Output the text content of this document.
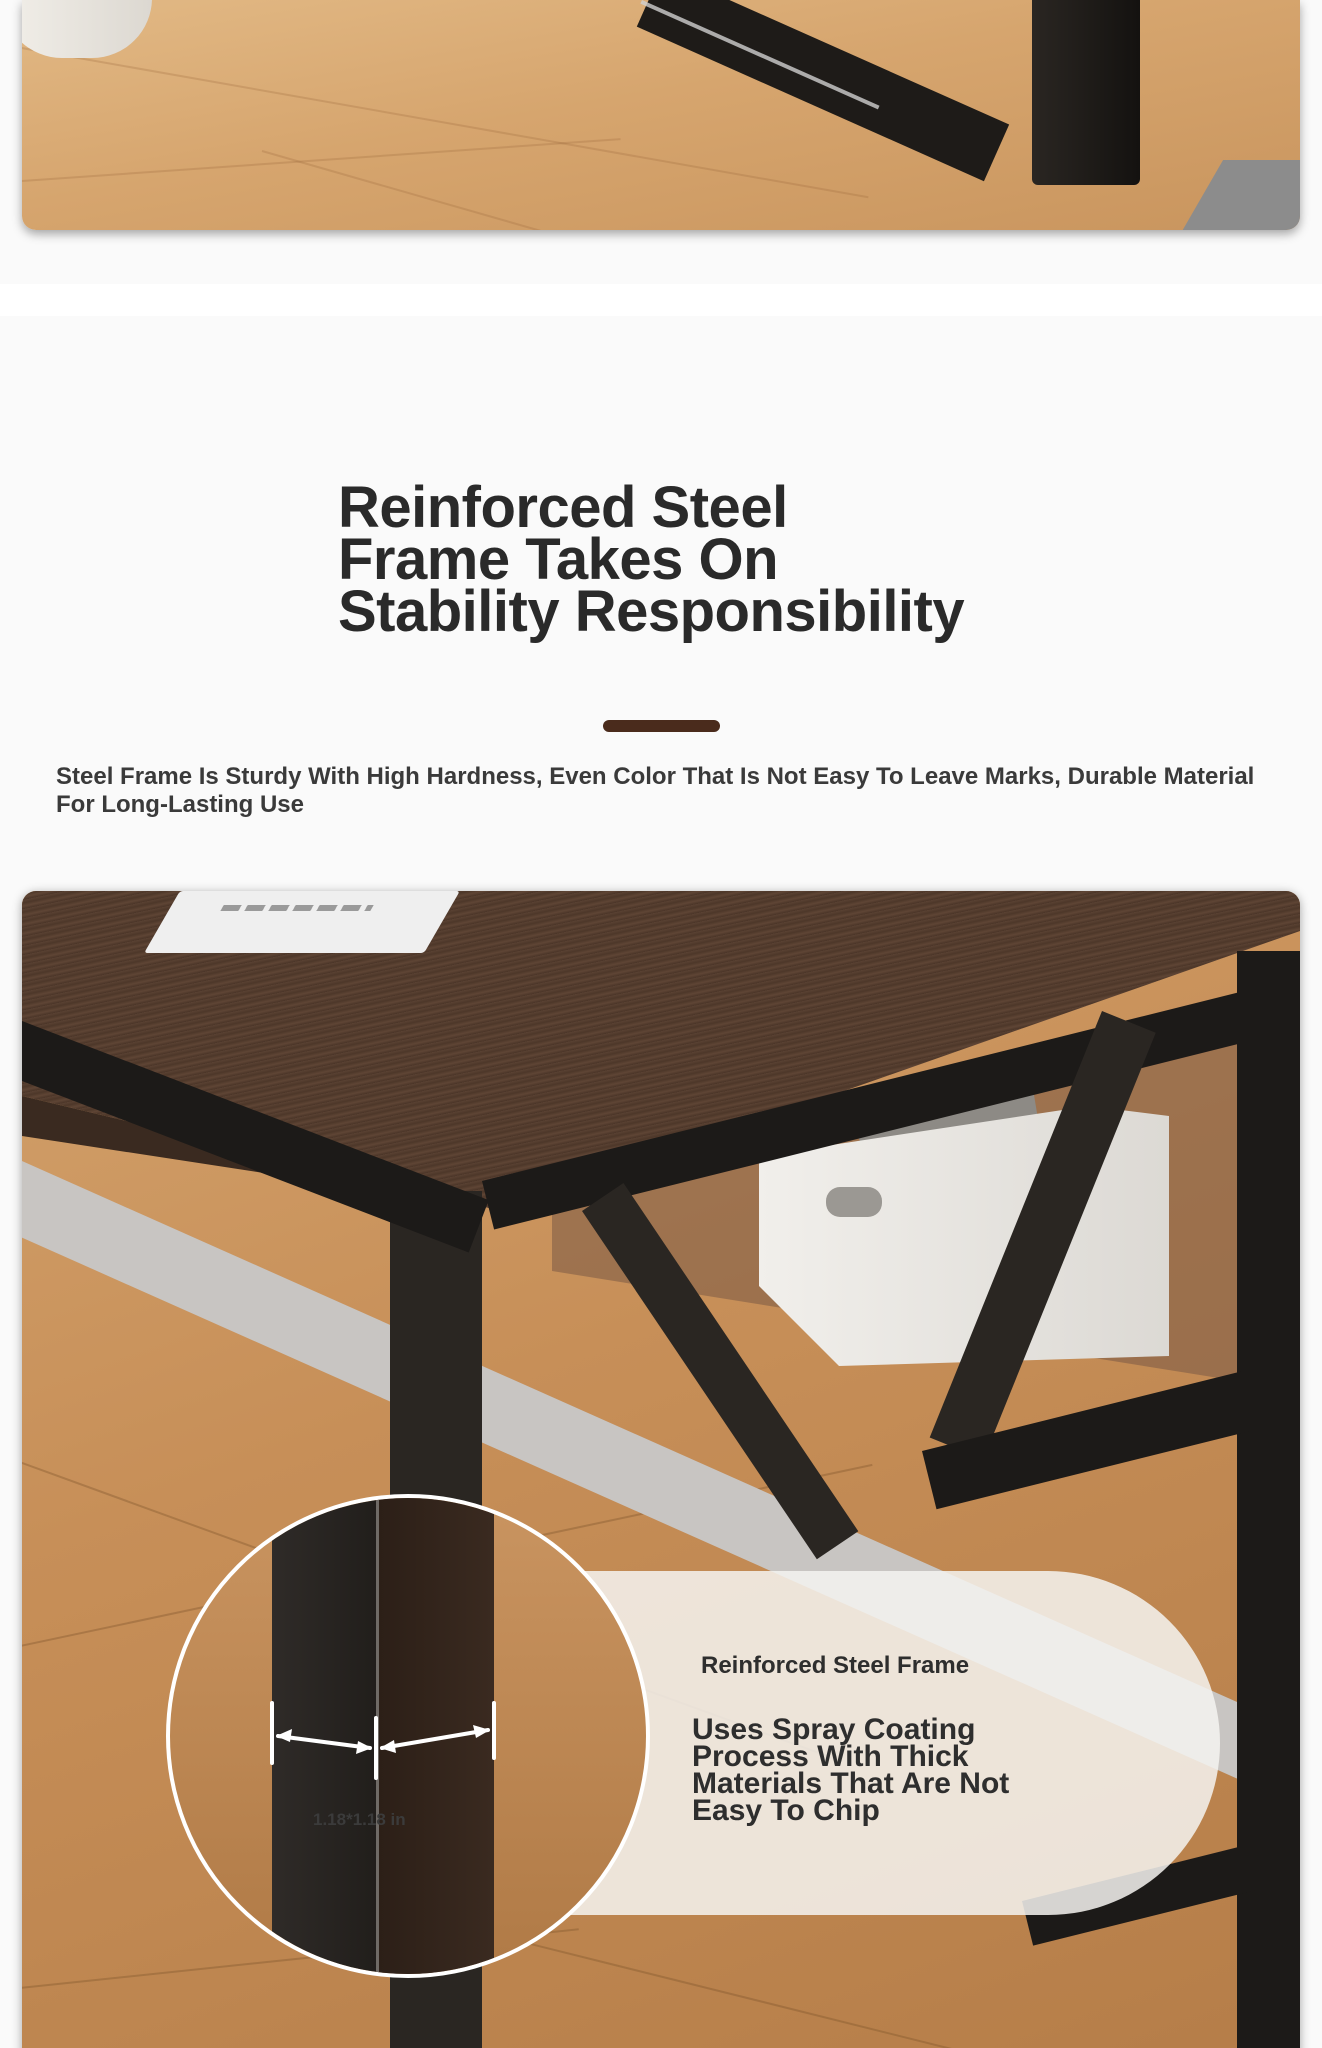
Reinforced Steel
Frame Takes On
Stability Responsibility

Steel Frame Is Sturdy With High Hardness, Even Color That Is Not Easy To Leave Marks, Durable Material For Long-Lasting Use

Reinforced Steel Frame
Uses Spray Coating
Process With Thick
Materials That Are Not
Easy To Chip
1.18*1.18 in
